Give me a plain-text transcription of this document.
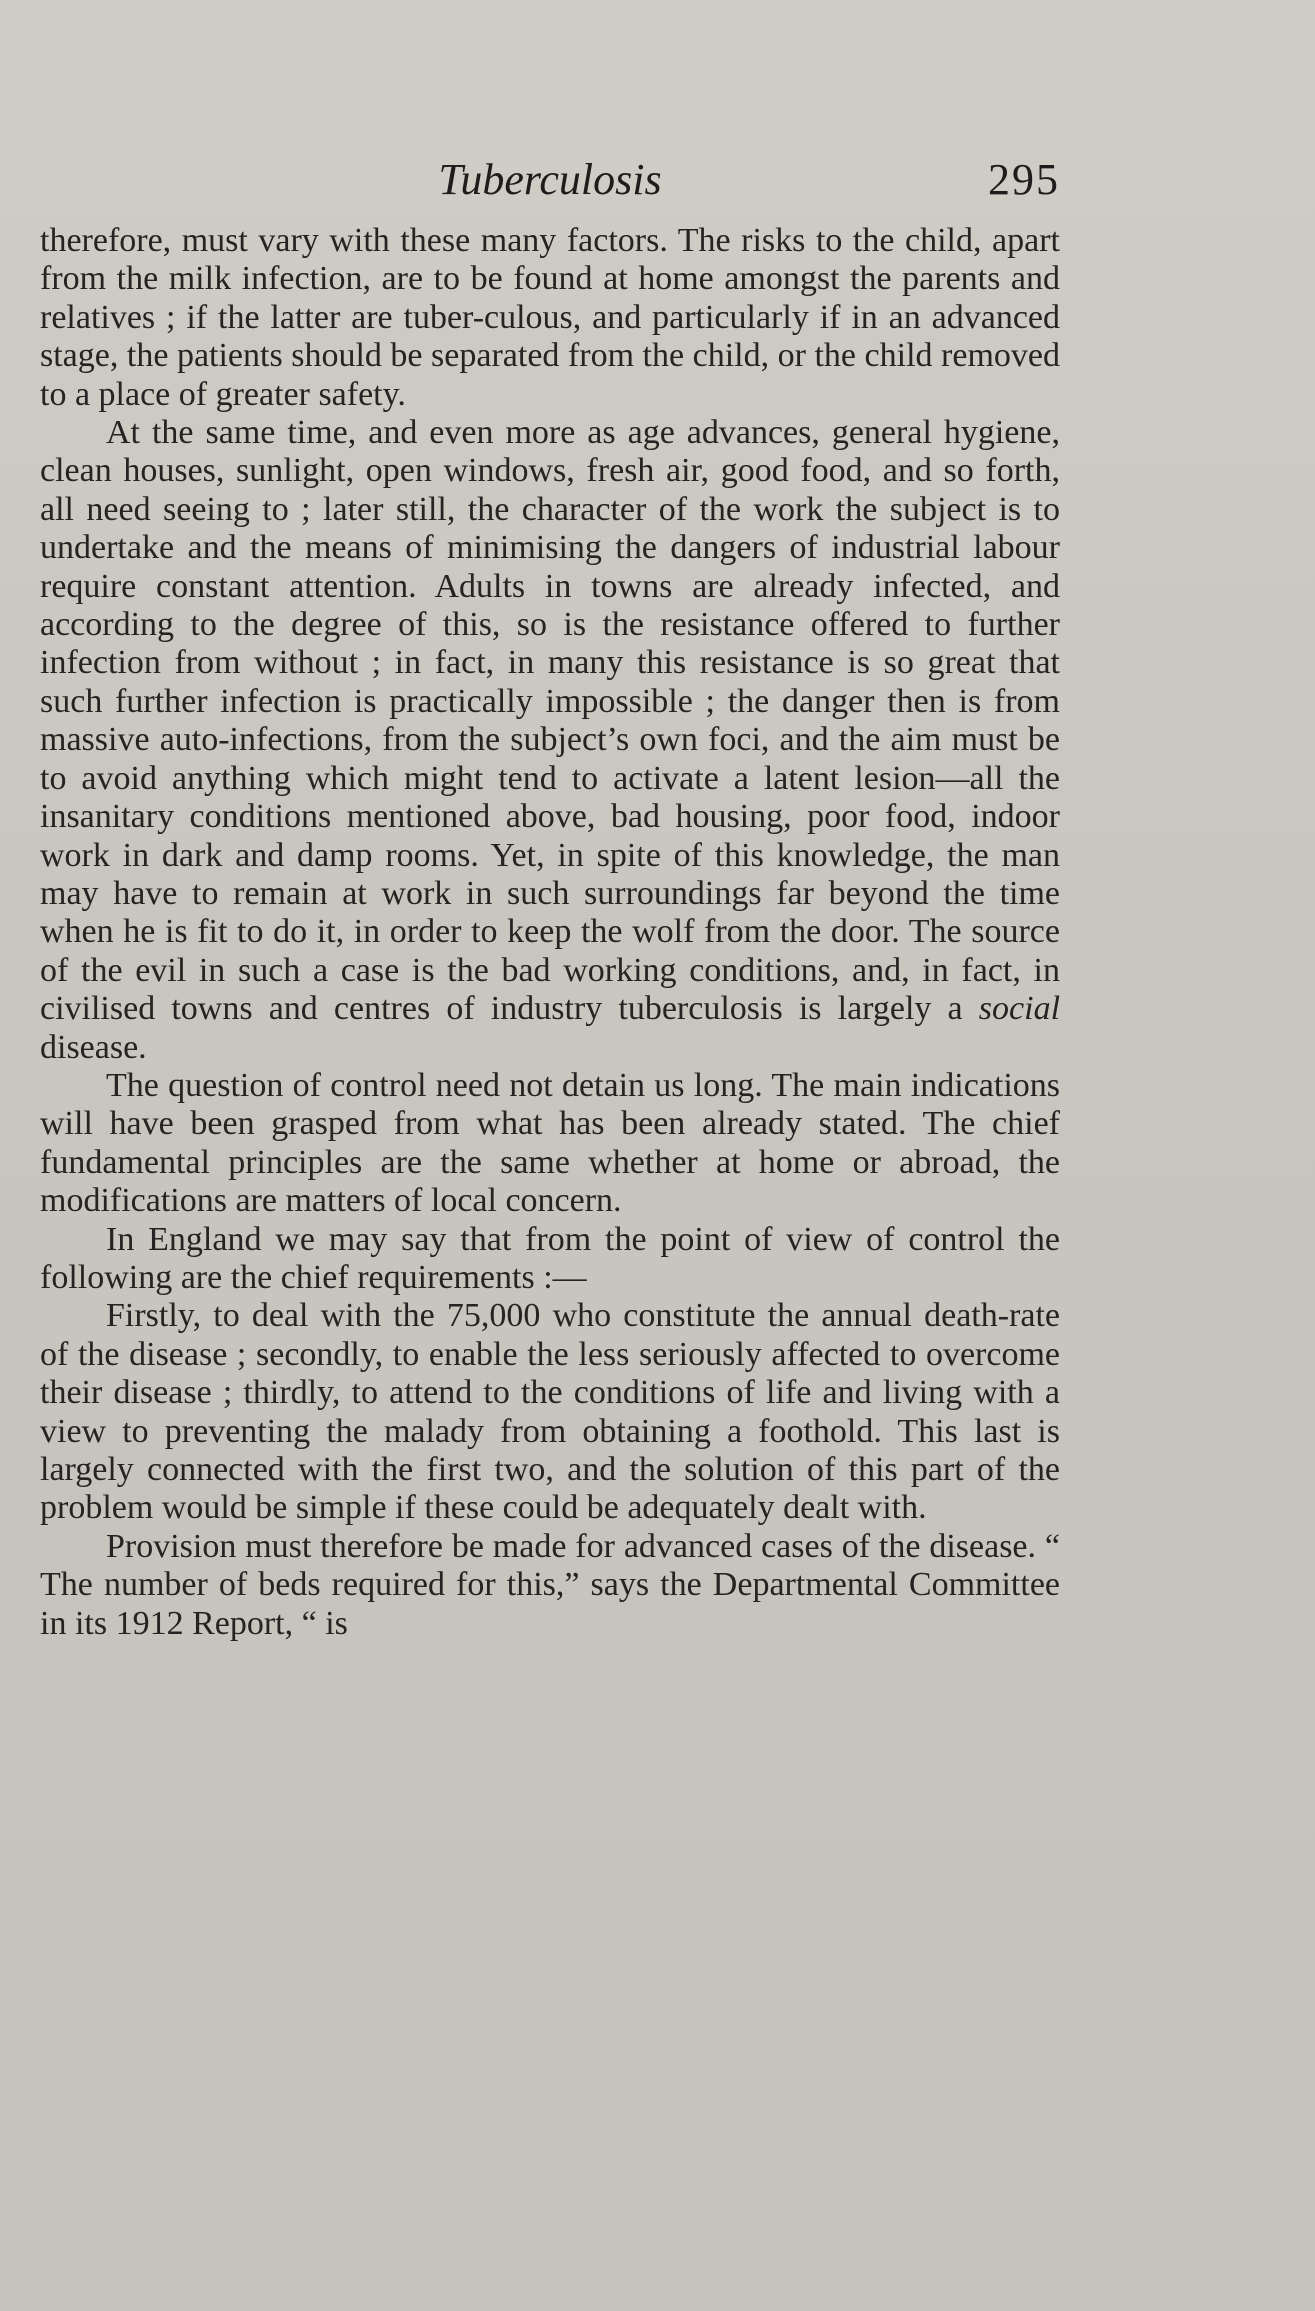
Tuberculosis	295

therefore, must vary with these many factors. The risks to the child, apart from the milk infection, are to be found at home amongst the parents and relatives ; if the latter are tuber-culous, and particularly if in an advanced stage, the patients should be separated from the child, or the child removed to a place of greater safety.

At the same time, and even more as age advances, general hygiene, clean houses, sunlight, open windows, fresh air, good food, and so forth, all need seeing to ; later still, the character of the work the subject is to undertake and the means of minimising the dangers of industrial labour require constant attention. Adults in towns are already infected, and according to the degree of this, so is the resistance offered to further infection from without ; in fact, in many this resistance is so great that such further infection is practically impossible ; the danger then is from massive auto-infections, from the subject’s own foci, and the aim must be to avoid anything which might tend to activate a latent lesion—all the insanitary conditions mentioned above, bad housing, poor food, indoor work in dark and damp rooms. Yet, in spite of this knowledge, the man may have to remain at work in such surroundings far beyond the time when he is fit to do it, in order to keep the wolf from the door. The source of the evil in such a case is the bad working conditions, and, in fact, in civilised towns and centres of industry tuberculosis is largely a social disease.

The question of control need not detain us long. The main indications will have been grasped from what has been already stated. The chief fundamental principles are the same whether at home or abroad, the modifications are matters of local concern.

In England we may say that from the point of view of control the following are the chief requirements :—

Firstly, to deal with the 75,000 who constitute the annual death-rate of the disease ; secondly, to enable the less seriously affected to overcome their disease ; thirdly, to attend to the conditions of life and living with a view to preventing the malady from obtaining a foothold. This last is largely connected with the first two, and the solution of this part of the problem would be simple if these could be adequately dealt with.

Provision must therefore be made for advanced cases of the disease. “ The number of beds required for this,” says the Departmental Committee in its 1912 Report, “ is
